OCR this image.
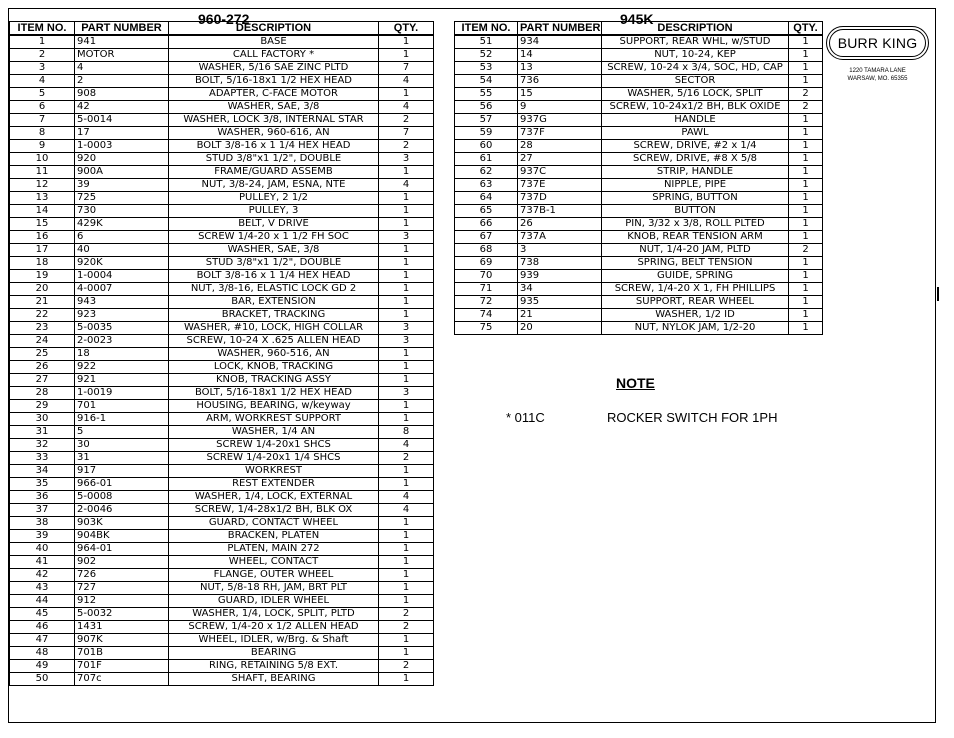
960-272
ITEM NO.	PART NUMBER	DESCRIPTION	QTY.
1	941	BASE	1
2	MOTOR	CALL FACTORY *	1
3	4	WASHER, 5/16 SAE ZINC PLTD	7
4	2	BOLT, 5/16-18x1 1/2 HEX HEAD	4
5	908	ADAPTER, C-FACE MOTOR	1
6	42	WASHER, SAE, 3/8	4
7	5-0014	WASHER, LOCK 3/8, INTERNAL STAR	2
8	17	WASHER, 960-616, AN	7
9	1-0003	BOLT 3/8-16 x 1 1/4 HEX HEAD	2
10	920	STUD 3/8"x1 1/2", DOUBLE	3
11	900A	FRAME/GUARD ASSEMB	1
12	39	NUT, 3/8-24, JAM, ESNA, NTE	4
13	725	PULLEY, 2 1/2	1
14	730	PULLEY, 3	1
15	429K	BELT, V DRIVE	1
16	6	SCREW 1/4-20 x 1 1/2 FH SOC	3
17	40	WASHER, SAE, 3/8	1
18	920K	STUD 3/8"x1 1/2", DOUBLE	1
19	1-0004	BOLT 3/8-16 x 1 1/4 HEX HEAD	1
20	4-0007	NUT, 3/8-16, ELASTIC LOCK GD 2	1
21	943	BAR, EXTENSION	1
22	923	BRACKET, TRACKING	1
23	5-0035	WASHER, #10, LOCK, HIGH COLLAR	3
24	2-0023	SCREW, 10-24 X .625 ALLEN HEAD	3
25	18	WASHER, 960-516, AN	1
26	922	LOCK, KNOB, TRACKING	1
27	921	KNOB, TRACKING ASSY	1
28	1-0019	BOLT, 5/16-18x1 1/2 HEX HEAD	3
29	701	HOUSING, BEARING, w/keyway	1
30	916-1	ARM, WORKREST SUPPORT	1
31	5	WASHER, 1/4 AN	8
32	30	SCREW 1/4-20x1 SHCS	4
33	31	SCREW 1/4-20x1 1/4 SHCS	2
34	917	WORKREST	1
35	966-01	REST EXTENDER	1
36	5-0008	WASHER, 1/4, LOCK, EXTERNAL	4
37	2-0046	SCREW, 1/4-28x1/2 BH, BLK OX	4
38	903K	GUARD, CONTACT WHEEL	1
39	904BK	BRACKEN, PLATEN	1
40	964-01	PLATEN, MAIN 272	1
41	902	WHEEL, CONTACT	1
42	726	FLANGE, OUTER WHEEL	1
43	727	NUT, 5/8-18 RH, JAM, BRT PLT	1
44	912	GUARD, IDLER WHEEL	1
45	5-0032	WASHER, 1/4, LOCK, SPLIT, PLTD	2
46	1431	SCREW, 1/4-20 x 1/2 ALLEN HEAD	2
47	907K	WHEEL, IDLER, w/Brg. & Shaft	1
48	701B	BEARING	1
49	701F	RING, RETAINING 5/8 EXT.	2
50	707c	SHAFT, BEARING	1
945K
ITEM NO.	PART NUMBER	DESCRIPTION	QTY.
51	934	SUPPORT, REAR WHL, w/STUD	1
52	14	NUT, 10-24, KEP	1
53	13	SCREW, 10-24 x 3/4, SOC, HD, CAP	1
54	736	SECTOR	1
55	15	WASHER, 5/16 LOCK, SPLIT	2
56	9	SCREW, 10-24x1/2 BH, BLK OXIDE	2
57	937G	HANDLE	1
59	737F	PAWL	1
60	28	SCREW, DRIVE, #2 x 1/4	1
61	27	SCREW, DRIVE, #8 X 5/8	1
62	937C	STRIP, HANDLE	1
63	737E	NIPPLE, PIPE	1
64	737D	SPRING, BUTTON	1
65	737B-1	BUTTON	1
66	26	PIN, 3/32 x 3/8, ROLL PLTED	1
67	737A	KNOB, REAR TENSION ARM	1
68	3	NUT, 1/4-20 JAM, PLTD	2
69	738	SPRING, BELT TENSION	1
70	939	GUIDE, SPRING	1
71	34	SCREW, 1/4-20 X 1, FH PHILLIPS	1
72	935	SUPPORT, REAR WHEEL	1
74	21	WASHER, 1/2 ID	1
75	20	NUT, NYLOK JAM, 1/2-20	1
BURR KING
1220 TAMARA LANE
WARSAW, MO. 65355
NOTE
* 011C	ROCKER SWITCH FOR 1PH
